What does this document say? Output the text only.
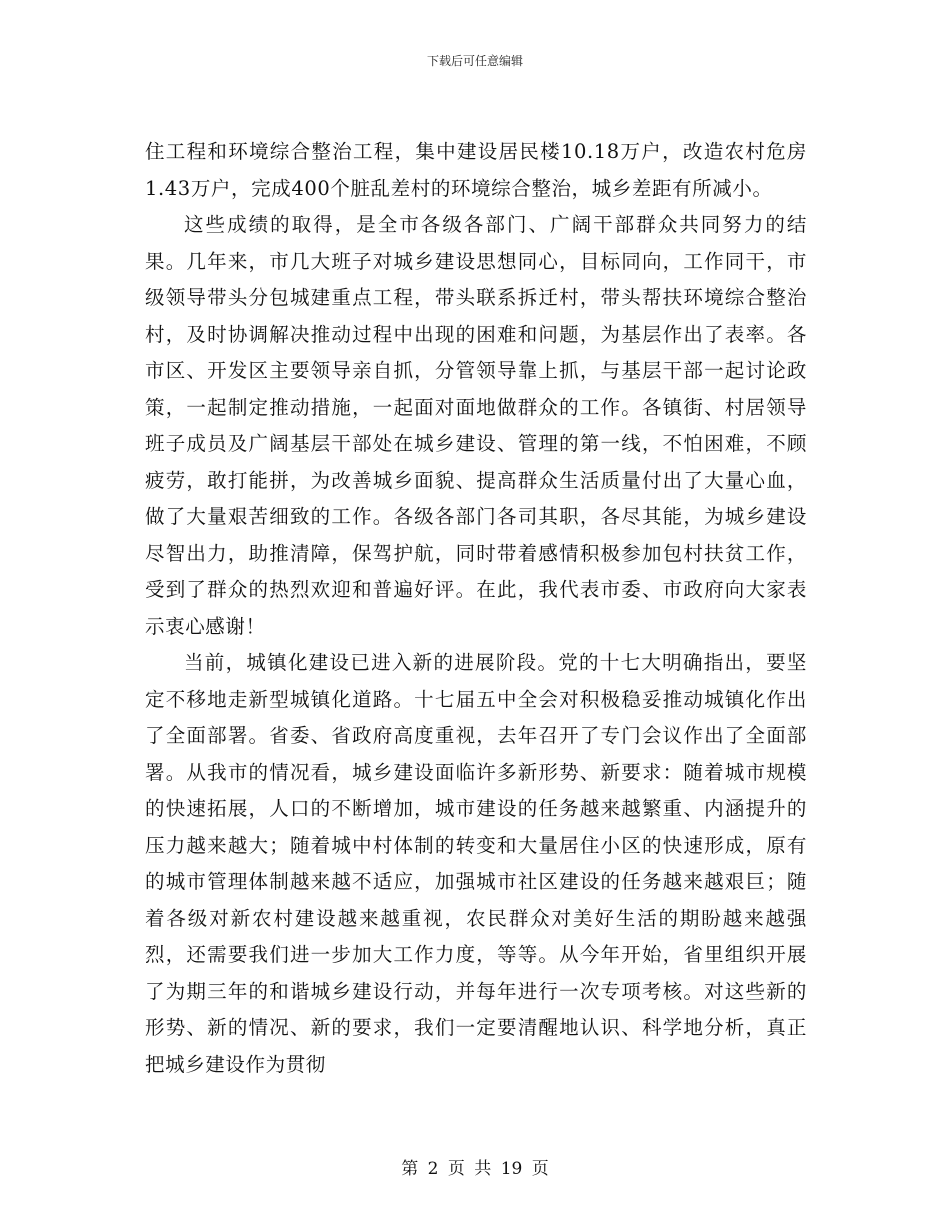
下载后可任意编辑

住工程和环境综合整治工程，集中建设居民楼10.18万户，改造农村危房1.43万户，完成400个脏乱差村的环境综合整治，城乡差距有所减小。

这些成绩的取得，是全市各级各部门、广阔干部群众共同努力的结果。几年来，市几大班子对城乡建设思想同心，目标同向，工作同干，市级领导带头分包城建重点工程，带头联系拆迁村，带头帮扶环境综合整治村，及时协调解决推动过程中出现的困难和问题，为基层作出了表率。各市区、开发区主要领导亲自抓，分管领导靠上抓，与基层干部一起讨论政策，一起制定推动措施，一起面对面地做群众的工作。各镇街、村居领导班子成员及广阔基层干部处在城乡建设、管理的第一线，不怕困难，不顾疲劳，敢打能拼，为改善城乡面貌、提高群众生活质量付出了大量心血，做了大量艰苦细致的工作。各级各部门各司其职，各尽其能，为城乡建设尽智出力，助推清障，保驾护航，同时带着感情积极参加包村扶贫工作，受到了群众的热烈欢迎和普遍好评。在此，我代表市委、市政府向大家表示衷心感谢！

当前，城镇化建设已进入新的进展阶段。党的十七大明确指出，要坚定不移地走新型城镇化道路。十七届五中全会对积极稳妥推动城镇化作出了全面部署。省委、省政府高度重视，去年召开了专门会议作出了全面部署。从我市的情况看，城乡建设面临许多新形势、新要求：随着城市规模的快速拓展，人口的不断增加，城市建设的任务越来越繁重、内涵提升的压力越来越大；随着城中村体制的转变和大量居住小区的快速形成，原有的城市管理体制越来越不适应，加强城市社区建设的任务越来越艰巨；随着各级对新农村建设越来越重视，农民群众对美好生活的期盼越来越强烈，还需要我们进一步加大工作力度，等等。从今年开始，省里组织开展了为期三年的和谐城乡建设行动，并每年进行一次专项考核。对这些新的形势、新的情况、新的要求，我们一定要清醒地认识、科学地分析，真正把城乡建设作为贯彻

第 2 页 共 19 页
